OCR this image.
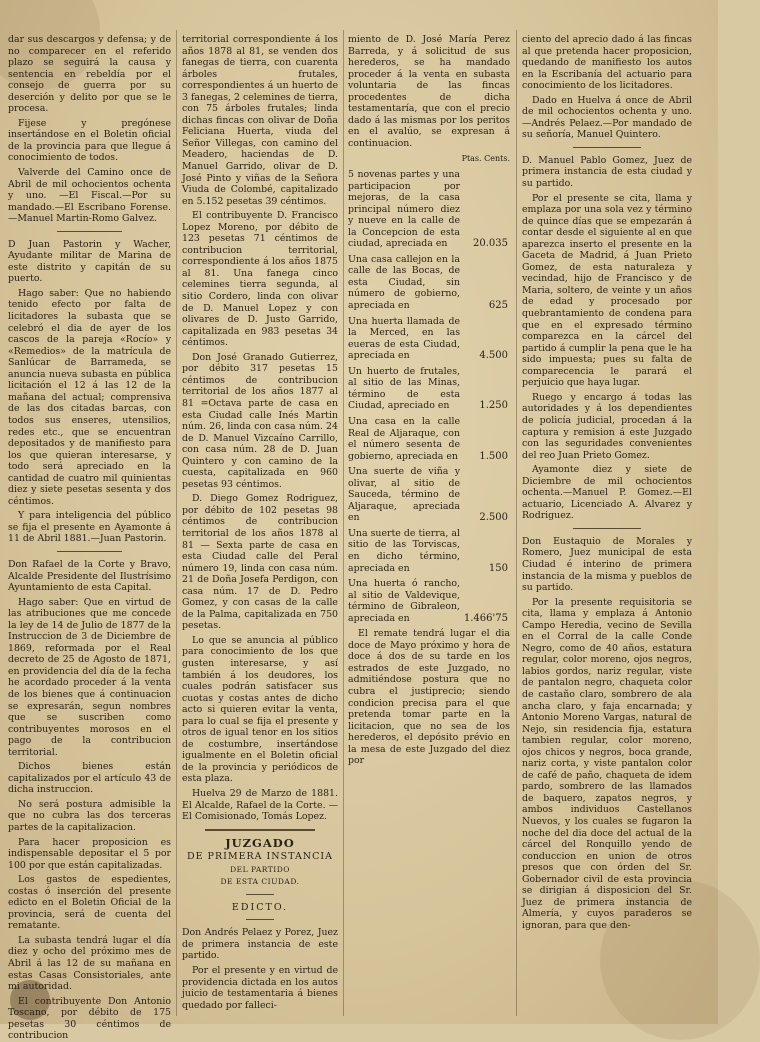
dar sus descargos y defensa; y de no comparecer en el referido plazo se seguirá la causa y sentencia en rebeldía por el consejo de guerra por su deserción y delito por que se le procesa.

Fijese y pregónese insertándose en el Boletin oficial de la provincia para que llegue á conocimiento de todos.

Valverde del Camino once de Abril de mil ochocientos ochenta y uno. —El Fiscal.—Por su mandado.—El Escribano Forense.—Manuel Martin-Romo Galvez.

D Juan Pastorin y Wacher, Ayudante militar de Marina de este distrito y capitán de su puerto.

Hago saber: Que no habiendo tenido efecto por falta de licitadores la subasta que se celebró el dia de ayer de los cascos de la pareja «Rocío» y «Remedios» de la matrícula de Sanlúcar de Barrameda, se anuncia nueva subasta en pública licitación el 12 á las 12 de la mañana del actual; comprensiva de las dos citadas barcas, con todos sus enseres, utensilios, redes etc., que se encuentran depositados y de manifiesto para los que quieran interesarse, y todo será apreciado en la cantidad de cuatro mil quinientas diez y siete pesetas sesenta y dos céntimos.

Y para inteligencia del público se fija el presente en Ayamonte á 11 de Abril 1881.—Juan Pastorin.

Don Rafael de la Corte y Bravo, Alcalde Presidente del Ilustrísimo Ayuntamiento de esta Capital.

Hago saber: Que en virtud de las atribuciones que me concede la ley de 14 de Julio de 1877 de la Instruccion de 3 de Diciembre de 1869, reformada por el Real decreto de 25 de Agosto de 1871, en providencia del día de la fecha he acordado proceder á la venta de los bienes que á continuacion se expresarán, segun nombres que se suscriben como contribuyentes morosos en el pago de la contribucion territorial.

Dichos bienes están capitalizados por el artículo 43 de dicha instruccion.

No será postura admisible la que no cubra las dos terceras partes de la capitalizacion.

Para hacer proposicion es indispensable depositar el 5 por 100 por que están capitalizadas.

Los gastos de espedientes, costas ó inserción del presente edicto en el Boletin Oficial de la provincia, será de cuenta del rematante.

La subasta tendrá lugar el día diez y ocho del próximo mes de Abril á las 12 de su mañana en estas Casas Consistoriales, ante mi autoridad.

El contribuyente Don Antonio Toscano, por débito de 175 pesetas 30 céntimos de contribucion

territorial correspondiente á los años 1878 al 81, se venden dos fanegas de tierra, con cuarenta árboles frutales, correspondientes á un huerto de 3 fanegas, 2 celemines de tierra, con 75 árboles frutales; linda dichas fincas con olivar de Doña Feliciana Huerta, viuda del Señor Villegas, con camino del Meadero, haciendas de D. Manuel Garrido, olivar de D. José Pinto y viñas de la Señora Viuda de Colombé, capitalizado en 5.152 pesetas 39 céntimos.

El contribuyente D. Francisco Lopez Moreno, por débito de 123 pesetas 71 céntimos de contribucion territorial, correspondiente á los años 1875 al 81. Una fanega cinco celemines tierra segunda, al sitio Cordero, linda con olivar de D. Manuel Lopez y con olivares de D. Justo Garrido, capitalizada en 983 pesetas 34 céntimos.

Don José Granado Gutierrez, por débito 317 pesetas 15 céntimos de contribucion territorial de los años 1877 al 81 =Octava parte de casa en esta Ciudad calle Inés Martin núm. 26, linda con casa núm. 24 de D. Manuel Vizcaíno Carrillo, con casa núm. 28 de D. Juan Quintero y con camino de la cuesta, capitalizada en 960 pesetas 93 céntimos.

D. Diego Gomez Rodriguez, por débito de 102 pesetas 98 céntimos de contribucion territorial de los años 1878 al 81 — Sexta parte de casa en esta Ciudad calle del Peral número 19, linda con casa núm. 21 de Doña Josefa Perdigon, con casa núm. 17 de D. Pedro Gomez, y con casas de la calle de la Palma, capitalizada en 750 pesetas.

Lo que se anuncia al público para conocimiento de los que gusten interesarse, y así también á los deudores, los cuales podrán satisfacer sus cuotas y costas antes de dicho acto si quieren evitar la venta, para lo cual se fija el presente y otros de igual tenor en los sitios de costumbre, insertándose igualmente en el Boletin oficial de la provincia y periódicos de esta plaza.

Huelva 29 de Marzo de 1881. El Alcalde, Rafael de la Corte. —El Comisionado, Tomás Lopez.

JUZGADO
DE PRIMERA INSTANCIA
DEL PARTIDO
DE ESTA CIUDAD.
EDICTO.

Don Andrés Pelaez y Porez, Juez de primera instancia de este partido.

Por el presente y en virtud de providencia dictada en los autos juicio de testamentaria á bienes quedado por falleci-

miento de D. José María Perez Barreda, y á solicitud de sus herederos, se ha mandado proceder á la venta en subasta voluntaria de las fincas procedentes de dicha testamentaría, que con el precio dado á las mismas por los peritos en el avalúo, se expresan á continuacion.

Ptas. Cents.
5 novenas partes y una participacion por mejoras, de la casa principal número diez y nueve en la calle de la Concepcion de esta ciudad, apreciada en	20.035
Una casa callejon en la calle de las Bocas, de esta Ciudad, sin número de gobierno, apreciada en	625
Una huerta llamada de la Merced, en las eueras de esta Ciudad, apreciada en	4.500
Un huerto de frutales, al sitio de las Minas, término de esta Ciudad, apreciado en	1.250
Una casa en la calle Real de Aljaraque, con el número sesenta de gobierno, apreciada en 1.500
Una suerte de viña y olivar, al sitio de Sauceda, término de Aljaraque, apreciada en	2.500
Una suerte de tierra, al sitio de las Torviscas, en dicho término, apreciada en	150
Una huerta ó rancho, al sitio de Valdevique, término de Gibraleon, apreciada en	1.466'75

El remate tendrá lugar el dia doce de Mayo próximo y hora de doce á dos de su tarde en los estrados de este Juzgado, no admitiéndose postura que no cubra el justiprecio; siendo condicion precisa para el que pretenda tomar parte en la licitacion, que no sea de los herederos, el depósito prévio en la mesa de este Juzgado del diez por

ciento del aprecio dado á las fincas al que pretenda hacer proposicion, quedando de manifiesto los autos en la Escribanía del actuario para conocimiento de los licitadores.

Dado en Huelva á once de Abril de mil ochocientos ochenta y uno.—Andrés Pelaez.—Por mandado de su señoría, Manuel Quintero.

D. Manuel Pablo Gomez, Juez de primera instancia de esta ciudad y su partido.

Por el presente se cita, llama y emplaza por una sola vez y término de quince días que se empezarán á contar desde el siguiente al en que aparezca inserto el presente en la Gaceta de Madrid, á Juan Prieto Gomez, de esta naturaleza y vecindad, hijo de Francisco y de Maria, soltero, de veinte y un años de edad y procesado por quebrantamiento de condena para que en el expresado término comparezca en la cárcel del partido á cumplir la pena que le ha sido impuesta; pues su falta de comparecencia le parará el perjuicio que haya lugar.

Ruego y encargo á todas las autoridades y á los dependientes de policía judicial, procedan á la captura y remision á este Juzgado con las seguridades convenientes del reo Juan Prieto Gomez.

Ayamonte diez y siete de Diciembre de mil ochocientos ochenta.—Manuel P. Gomez.—El actuario, Licenciado A. Alvarez y Rodriguez.

Don Eustaquio de Morales y Romero, Juez municipal de esta Ciudad é interino de primera instancia de la misma y pueblos de su partido.

Por la presente requisitoria se cita, llama y emplaza á Antonio Campo Heredia, vecino de Sevilla en el Corral de la calle Conde Negro, como de 40 años, estatura regular, color moreno, ojos negros, labios gordos, nariz regular, viste de pantalon negro, chaqueta color de castaño claro, sombrero de ala ancha claro, y faja encarnada; y Antonio Moreno Vargas, natural de Nejo, sin residencia fija, estatura tambien regular, color moreno, ojos chicos y negros, boca grande, nariz corta, y viste pantalon color de café de paño, chaqueta de idem pardo, sombrero de las llamados de baquero, zapatos negros, y ambos individuos Castellanos Nuevos, y los cuales se fugaron la noche del dia doce del actual de la cárcel del Ronquillo yendo de conduccion en union de otros presos que con órden del Sr. Gobernador civil de esta provincia se dirigian á disposicion del Sr. Juez de primera instancia de Almería, y cuyos paraderos se ignoran, para que den-
